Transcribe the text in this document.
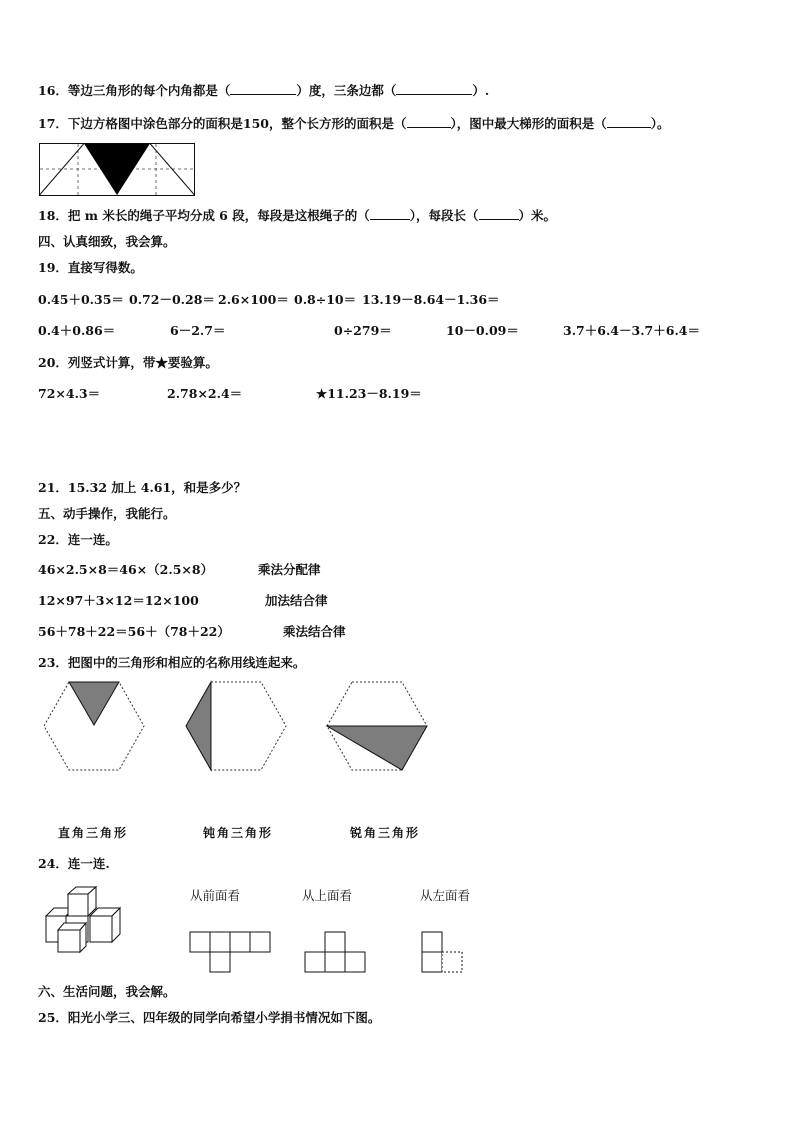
16．等边三角形的每个内角都是（	）度，三条边都（	）.
17．下边方格图中涂色部分的面积是150，整个长方形的面积是（	），图中最大梯形的面积是（	）。
18．把 m 米长的绳子平均分成 6 段，每段是这根绳子的（	），每段长（	）米。
四、认真细致，我会算。
19．直接写得数。
0.45＋0.35＝ 0.72－0.28＝ 2.6×100＝ 0.8÷10＝ 13.19－8.64－1.36＝
0.4＋0.86＝	6－2.7＝	0÷279＝	10－0.09＝	3.7＋6.4－3.7＋6.4＝
20．列竖式计算，带★要验算。
72×4.3＝	2.78×2.4＝	★11.23－8.19＝
21．15.32 加上 4.61，和是多少？
五、动手操作，我能行。
22．连一连。
46×2.5×8＝46×（2.5×8）
12×97＋3×12＝12×100
56＋78＋22＝56＋（78＋22）
乘法分配律
加法结合律
乘法结合律
23．把图中的三角形和相应的名称用线连起来。
直角三角形	钝角三角形	锐角三角形
24．连一连.
从前面看	从上面看	从左面看
六、生活问题，我会解。
25．阳光小学三、四年级的同学向希望小学捐书情况如下图。
